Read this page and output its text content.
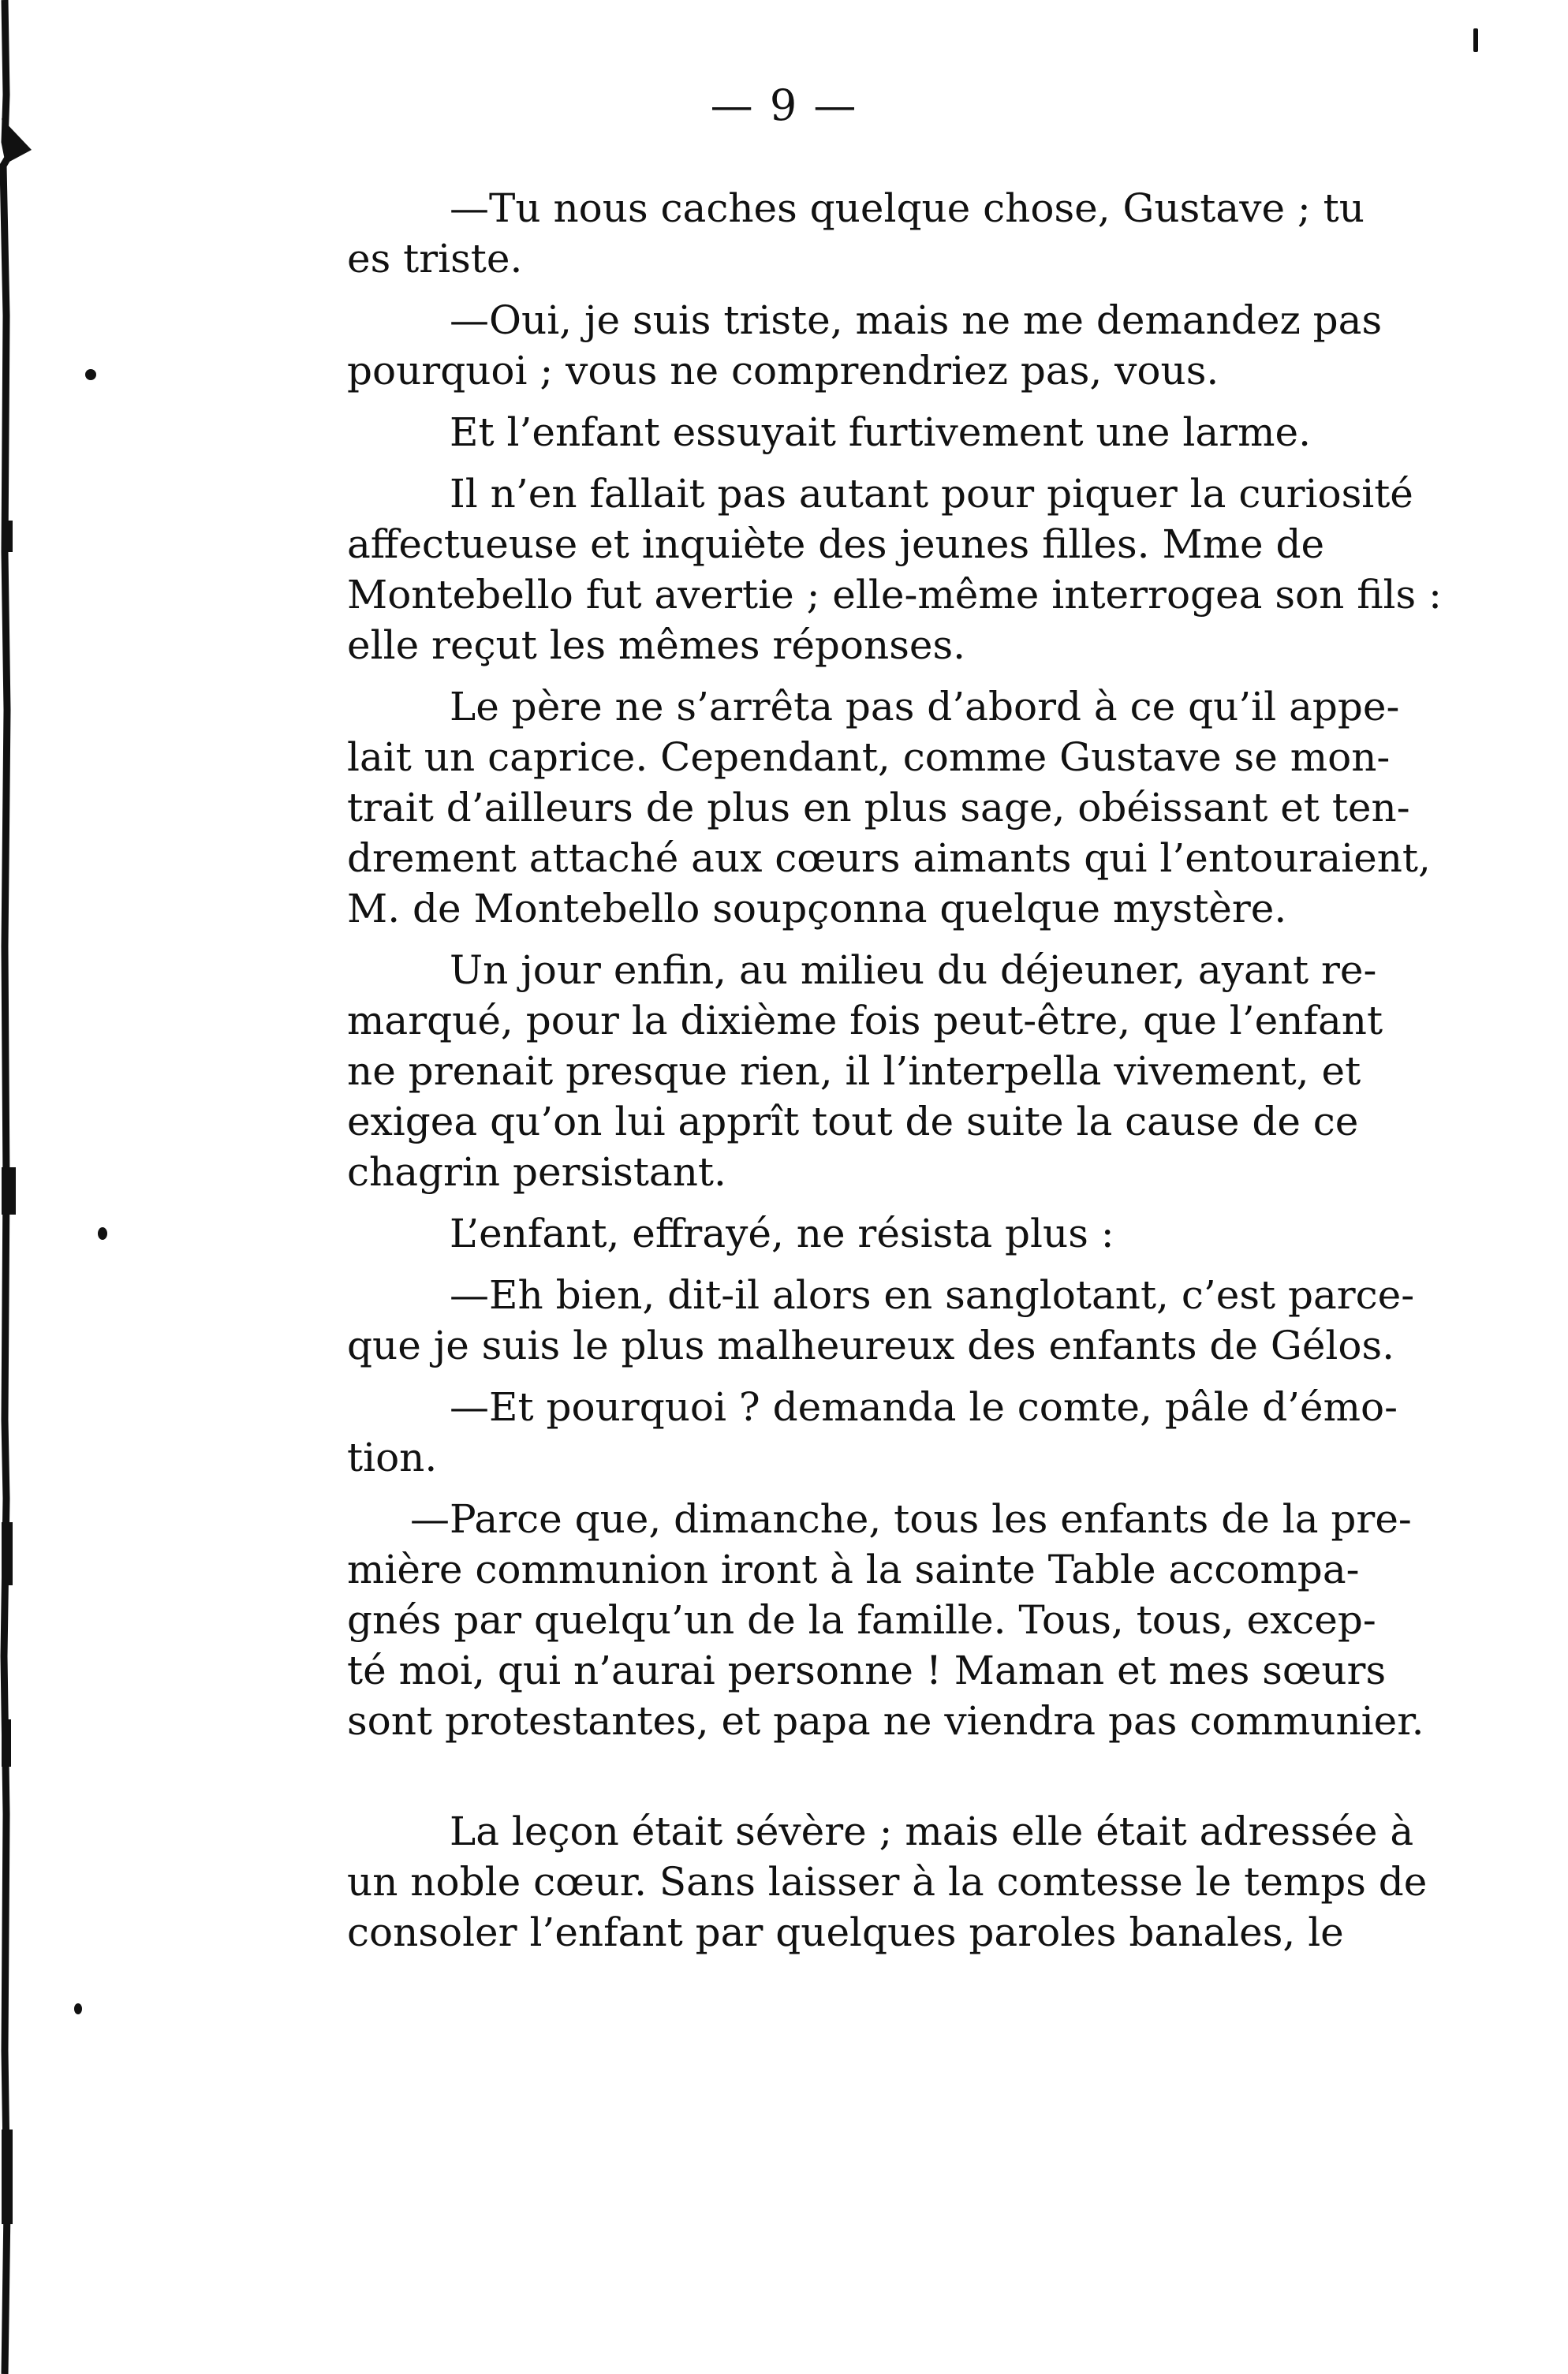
— 9 —

—Tu nous caches quelque chose, Gustave ; tu
es triste.

—Oui, je suis triste, mais ne me demandez pas
pourquoi ; vous ne comprendriez pas, vous.

Et l’enfant essuyait furtivement une larme.

Il n’en fallait pas autant pour piquer la curiosité
affectueuse et inquiète des jeunes filles. Mme de
Montebello fut avertie ; elle-même interrogea son fils :
elle reçut les mêmes réponses.

Le père ne s’arrêta pas d’abord à ce qu’il appe-
lait un caprice. Cependant, comme Gustave se mon-
trait d’ailleurs de plus en plus sage, obéissant et ten-
drement attaché aux cœurs aimants qui l’entouraient,
M. de Montebello soupçonna quelque mystère.

Un jour enfin, au milieu du déjeuner, ayant re-
marqué, pour la dixième fois peut-être, que l’enfant
ne prenait presque rien, il l’interpella vivement, et
exigea qu’on lui apprît tout de suite la cause de ce
chagrin persistant.

L’enfant, effrayé, ne résista plus :

—Eh bien, dit-il alors en sanglotant, c’est parce-
que je suis le plus malheureux des enfants de Gélos.

—Et pourquoi ? demanda le comte, pâle d’émo-
tion.

—Parce que, dimanche, tous les enfants de la pre-
mière communion iront à la sainte Table accompa-
gnés par quelqu’un de la famille. Tous, tous, excep-
té moi, qui n’aurai personne ! Maman et mes sœurs
sont protestantes, et papa ne viendra pas communier.

La leçon était sévère ; mais elle était adressée à
un noble cœur. Sans laisser à la comtesse le temps de
consoler l’enfant par quelques paroles banales, le
